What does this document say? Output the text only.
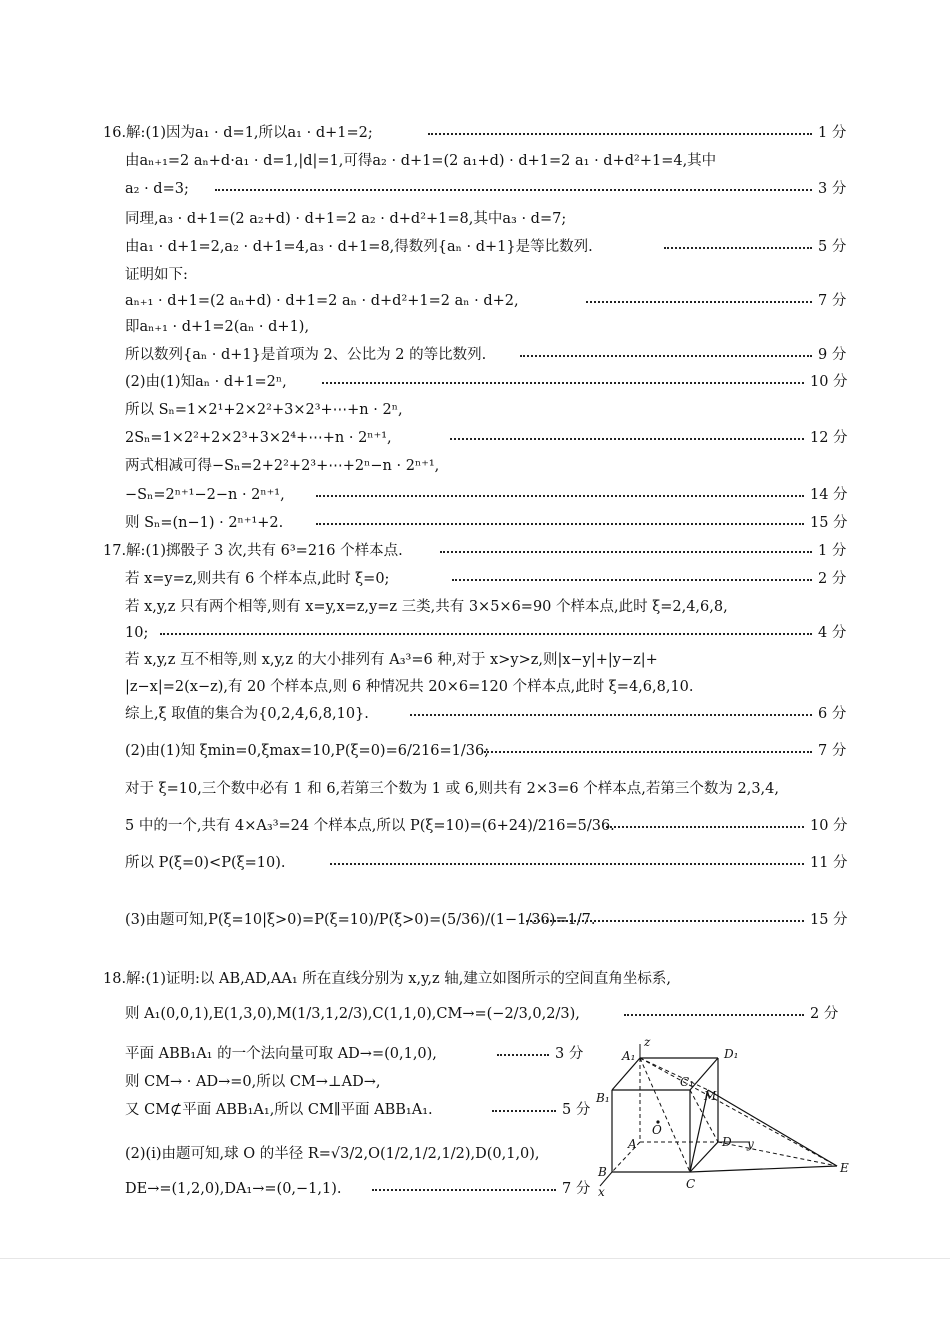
16.解:(1)因为a₁ · d=1,所以a₁ · d+1=2;	1 分
由aₙ₊₁=2 aₙ+d·a₁ · d=1,|d|=1,可得a₂ · d+1=(2 a₁+d) · d+1=2 a₁ · d+d²+1=4,其中
a₂ · d=3;	3 分
同理,a₃ · d+1=(2 a₂+d) · d+1=2 a₂ · d+d²+1=8,其中a₃ · d=7;
由a₁ · d+1=2,a₂ · d+1=4,a₃ · d+1=8,得数列{aₙ · d+1}是等比数列.	5 分
证明如下:
aₙ₊₁ · d+1=(2 aₙ+d) · d+1=2 aₙ · d+d²+1=2 aₙ · d+2,	7 分
即aₙ₊₁ · d+1=2(aₙ · d+1),
所以数列{aₙ · d+1}是首项为 2、公比为 2 的等比数列.	9 分
(2)由(1)知aₙ · d+1=2ⁿ,	10 分
所以 Sₙ=1×2¹+2×2²+3×2³+⋯+n · 2ⁿ,
2Sₙ=1×2²+2×2³+3×2⁴+⋯+n · 2ⁿ⁺¹,	12 分
两式相减可得−Sₙ=2+2²+2³+⋯+2ⁿ−n · 2ⁿ⁺¹,
−Sₙ=2ⁿ⁺¹−2−n · 2ⁿ⁺¹,	14 分
则 Sₙ=(n−1) · 2ⁿ⁺¹+2.	15 分
17.解:(1)掷骰子 3 次,共有 6³=216 个样本点.	1 分
若 x=y=z,则共有 6 个样本点,此时 ξ=0;	2 分
若 x,y,z 只有两个相等,则有 x=y,x=z,y=z 三类,共有 3×5×6=90 个样本点,此时 ξ=2,4,6,8,
10;	4 分
若 x,y,z 互不相等,则 x,y,z 的大小排列有 A₃³=6 种,对于 x>y>z,则|x−y|+|y−z|+
|z−x|=2(x−z),有 20 个样本点,则 6 种情况共 20×6=120 个样本点,此时 ξ=4,6,8,10.
综上,ξ 取值的集合为{0,2,4,6,8,10}.	6 分
(2)由(1)知 ξmin=0,ξmax=10,P(ξ=0)=6/216=1/36;	7 分
对于 ξ=10,三个数中必有 1 和 6,若第三个数为 1 或 6,则共有 2×3=6 个样本点,若第三个数为 2,3,4,
5 中的一个,共有 4×A₃³=24 个样本点,所以 P(ξ=10)=(6+24)/216=5/36.	10 分
所以 P(ξ=0)<P(ξ=10).	11 分
(3)由题可知,P(ξ=10|ξ>0)=P(ξ=10)/P(ξ>0)=(5/36)/(1−1/36)=1/7.	15 分
18.解:(1)证明:以 AB,AD,AA₁ 所在直线分别为 x,y,z 轴,建立如图所示的空间直角坐标系,
则 A₁(0,0,1),E(1,3,0),M(1/3,1,2/3),C(1,1,0),CM→=(−2/3,0,2/3),	2 分
平面 ABB₁A₁ 的一个法向量可取 AD→=(0,1,0),	3 分
则 CM→ · AD→=0,所以 CM→⊥AD→,
又 CM⊄平面 ABB₁A₁,所以 CM∥平面 ABB₁A₁.	5 分
(2)(i)由题可知,球 O 的半径 R=√3/2,O(1/2,1/2,1/2),D(0,1,0),
DE→=(1,2,0),DA₁→=(0,−1,1).	7 分
A₁
z
D₁
C₁
B₁	M
O
A	D y
B
C
E
x
